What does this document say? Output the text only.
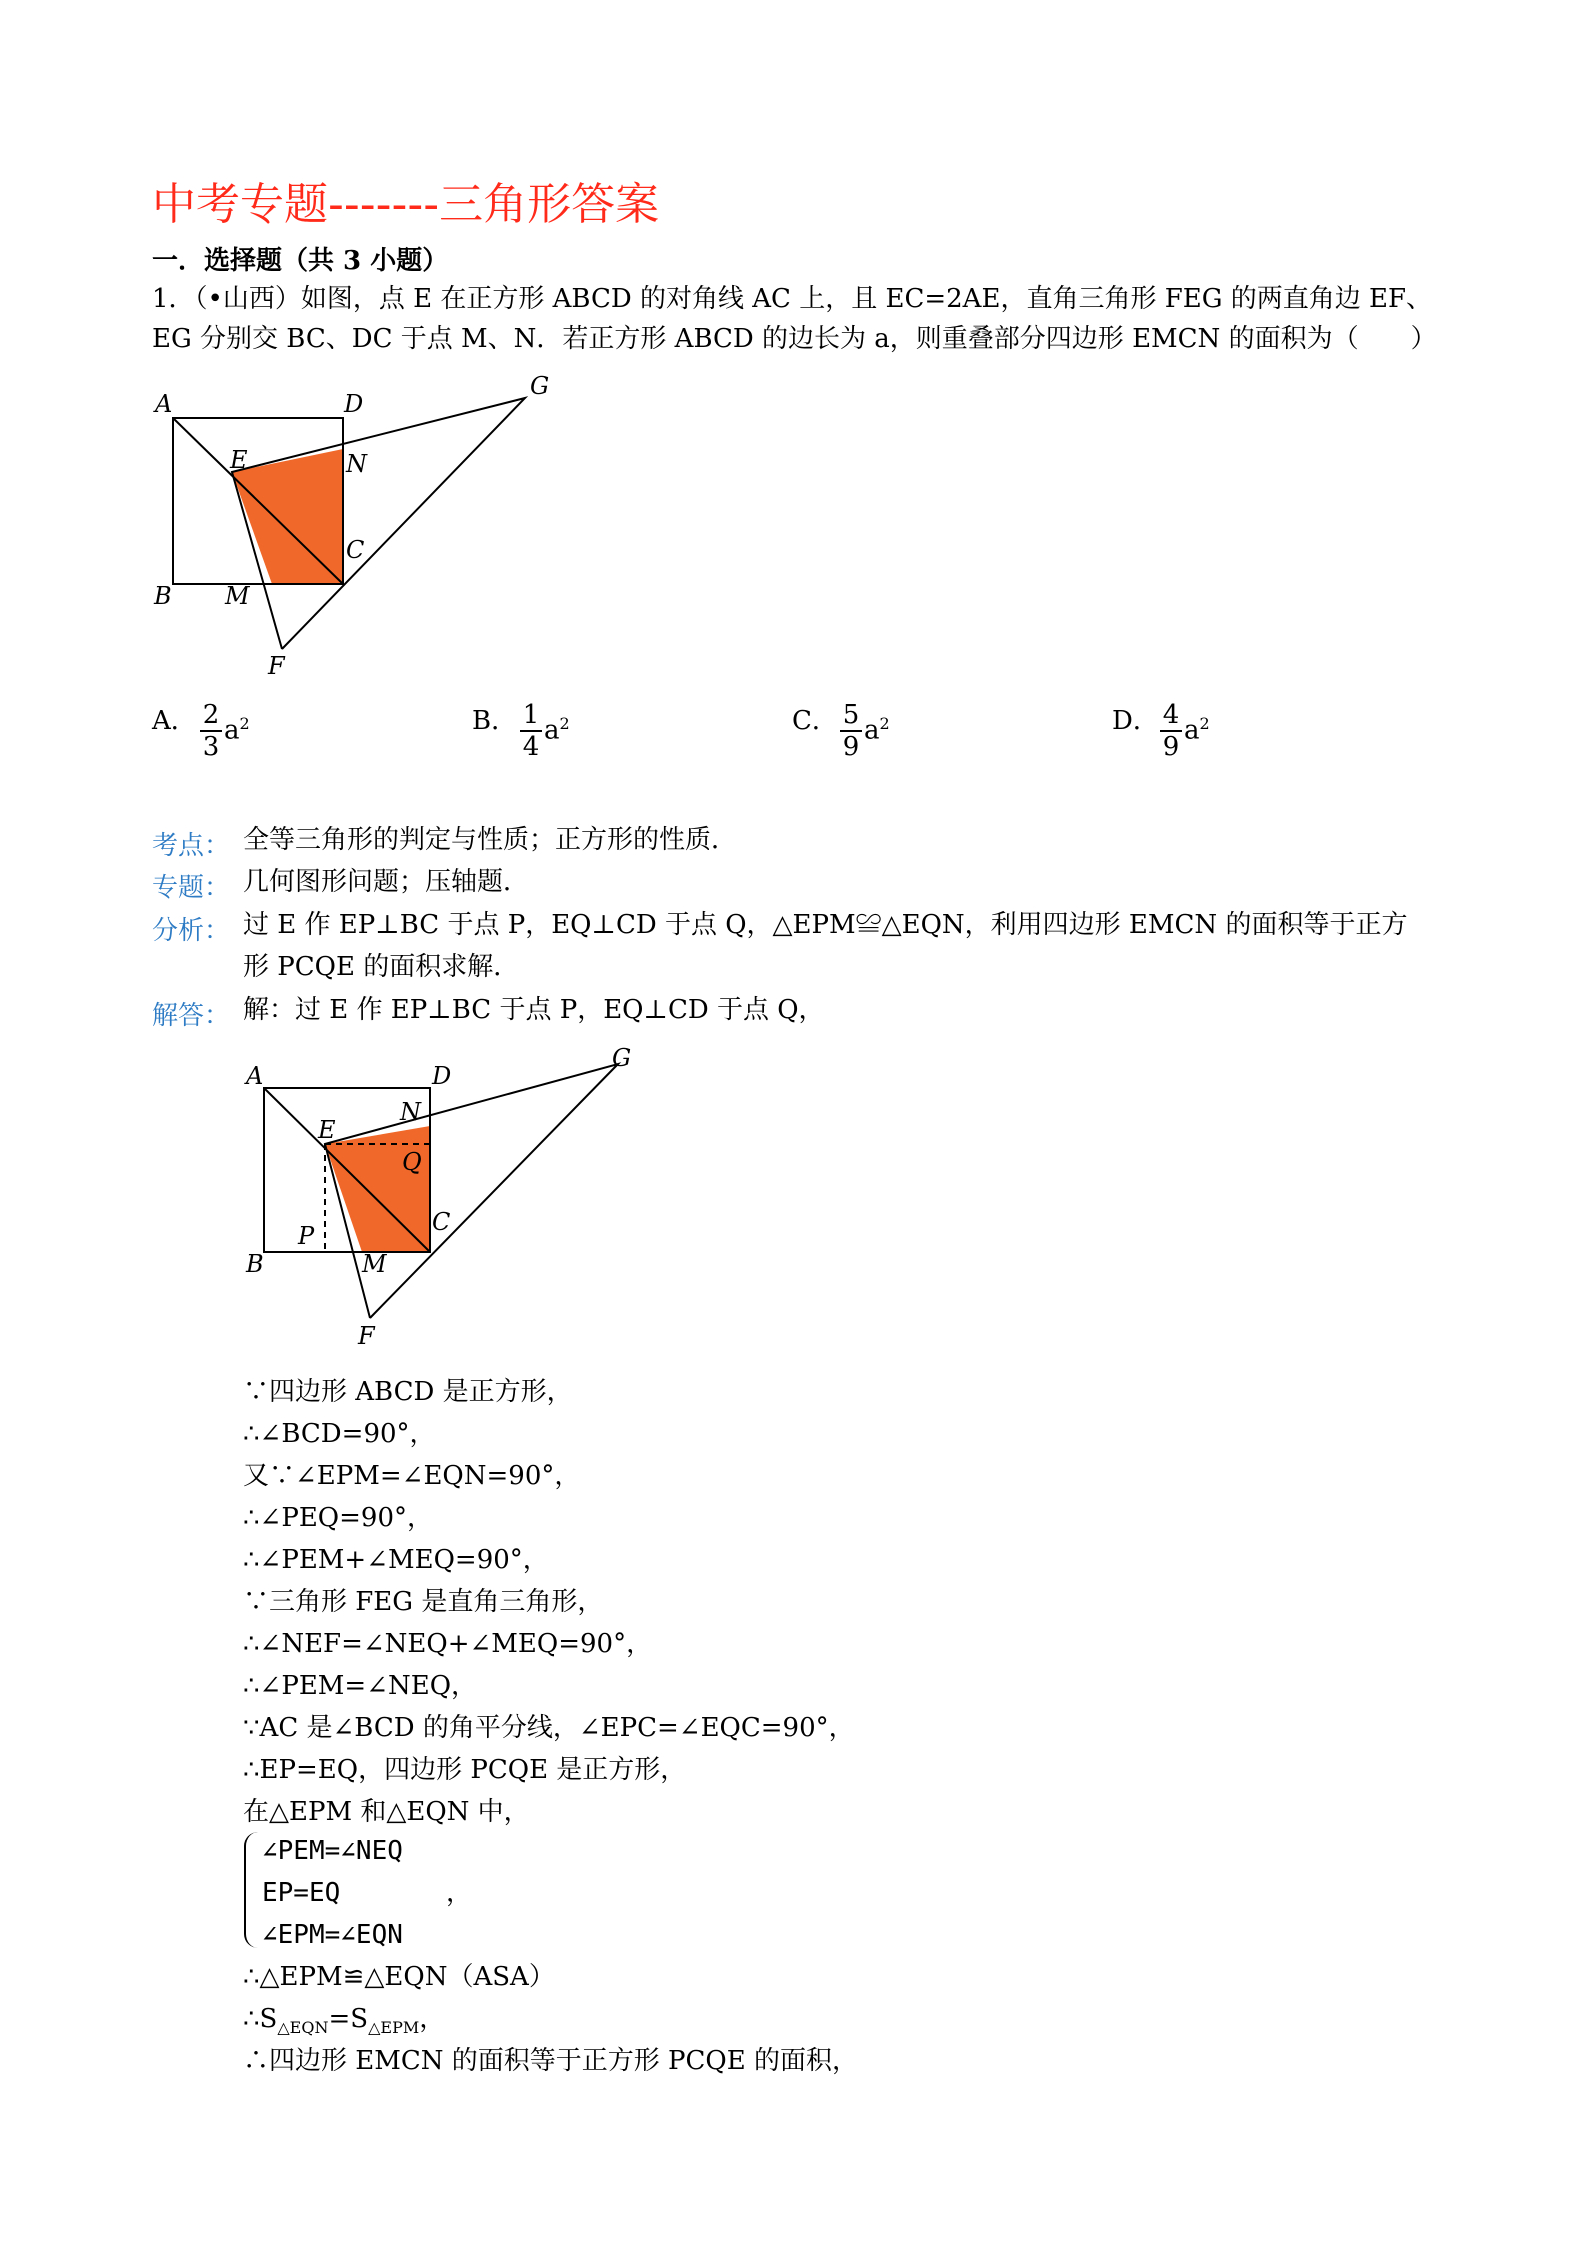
中考专题-------三角形答案
一．选择题（共 3 小题）
1．（•山西）如图，点 E 在正方形 ABCD 的对角线 AC 上，且 EC=2AE，直角三角形 FEG 的两直角边 EF、
EG 分别交 BC、DC 于点 M、N．若正方形 ABCD 的边长为 a，则重叠部分四边形 EMCN 的面积为（　　）
A	D
G
E	N
C
B M
F
A． 2
3
$a^2$	B． 1
4
$a^2$	C． 5
9
$a^2$	D． 4
9
$a^2$
考点： 全等三角形的判定与性质；正方形的性质．
专题： 几何图形问题；压轴题．
分析： 过 E 作 EP⊥BC 于点 P，EQ⊥CD 于点 Q，△EPM≌△EQN，利用四边形 EMCN 的面积等于正方
形 PCQE 的面积求解．
解答： 解：过 E 作 EP⊥BC 于点 P，EQ⊥CD 于点 Q，
A	D
G
E
N
Q
C
P
B	M
F
∵四边形 ABCD 是正方形，
∴∠BCD=90°，
又∵∠EPM=∠EQN=90°，
∴∠PEQ=90°，
∴∠PEM+∠MEQ=90°，
∵三角形 FEG 是直角三角形，
∴∠NEF=∠NEQ+∠MEQ=90°，
∴∠PEM=∠NEQ，
∵AC 是∠BCD 的角平分线，∠EPC=∠EQC=90°，
∴EP=EQ，四边形 PCQE 是正方形，
在△EPM 和△EQN 中，
∠PEM=∠NEQ
EP=EQ	，
∠EPM=∠EQN
∴△EPM≌△EQN（ASA）
$\therefore S_{\triangle EQN}=S_{\triangle EPM}$，
∴四边形 EMCN 的面积等于正方形 PCQE 的面积，
